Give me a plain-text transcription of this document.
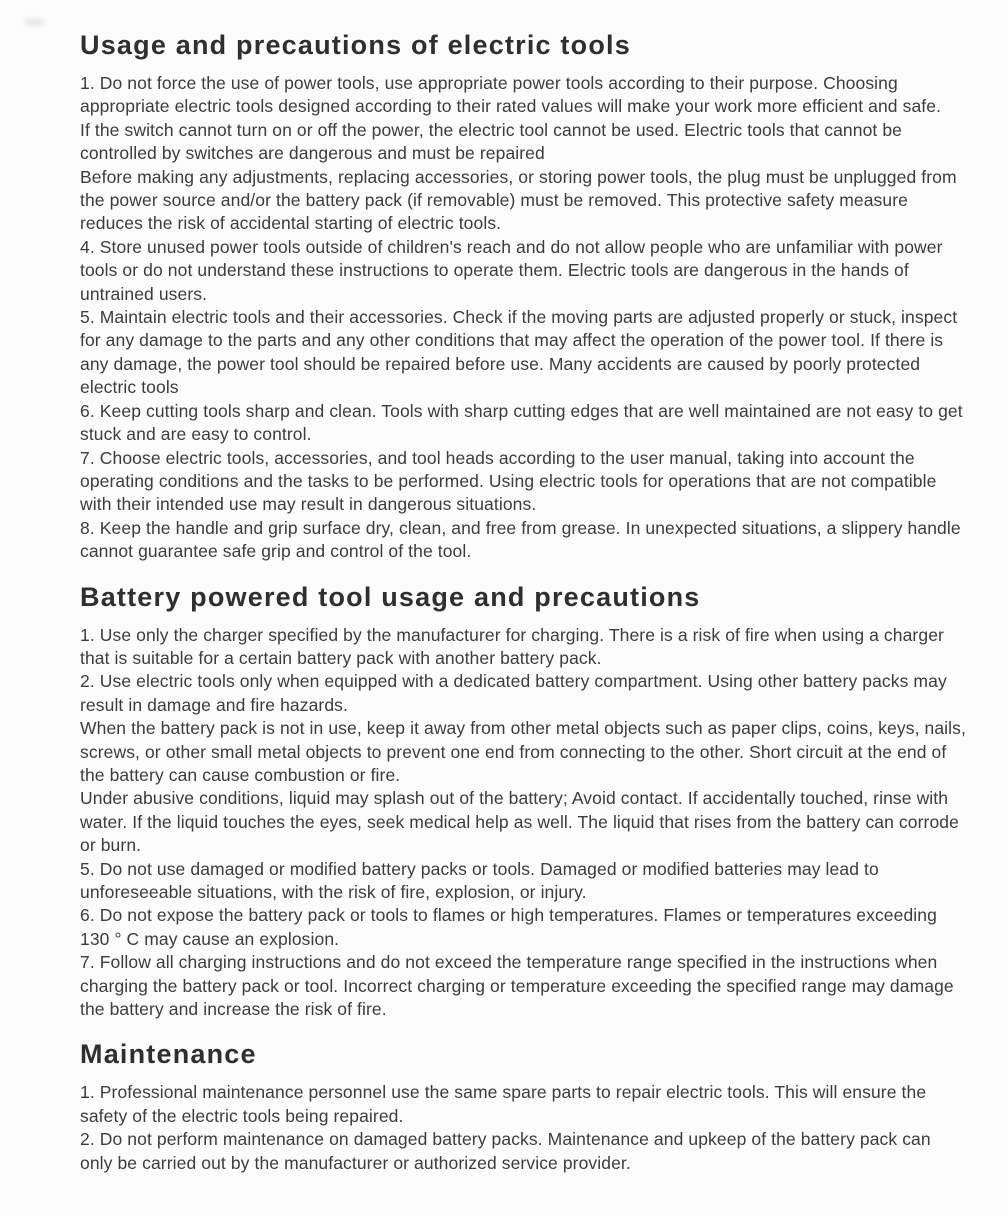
Usage and precautions of electric tools

1. Do not force the use of power tools, use appropriate power tools according to their purpose. Choosing appropriate electric tools designed according to their rated values will make your work more efficient and safe.

If the switch cannot turn on or off the power, the electric tool cannot be used. Electric tools that cannot be controlled by switches are dangerous and must be repaired

Before making any adjustments, replacing accessories, or storing power tools, the plug must be unplugged from the power source and/or the battery pack (if removable) must be removed. This protective safety measure reduces the risk of accidental starting of electric tools.

4. Store unused power tools outside of children's reach and do not allow people who are unfamiliar with power tools or do not understand these instructions to operate them. Electric tools are dangerous in the hands of untrained users.

5. Maintain electric tools and their accessories. Check if the moving parts are adjusted properly or stuck, inspect for any damage to the parts and any other conditions that may affect the operation of the power tool. If there is any damage, the power tool should be repaired before use. Many accidents are caused by poorly protected electric tools

6. Keep cutting tools sharp and clean. Tools with sharp cutting edges that are well maintained are not easy to get stuck and are easy to control.

7. Choose electric tools, accessories, and tool heads according to the user manual, taking into account the operating conditions and the tasks to be performed. Using electric tools for operations that are not compatible with their intended use may result in dangerous situations.

8. Keep the handle and grip surface dry, clean, and free from grease. In unexpected situations, a slippery handle cannot guarantee safe grip and control of the tool.

Battery powered tool usage and precautions

1. Use only the charger specified by the manufacturer for charging. There is a risk of fire when using a charger that is suitable for a certain battery pack with another battery pack.

2. Use electric tools only when equipped with a dedicated battery compartment. Using other battery packs may result in damage and fire hazards.

When the battery pack is not in use, keep it away from other metal objects such as paper clips, coins, keys, nails, screws, or other small metal objects to prevent one end from connecting to the other. Short circuit at the end of the battery can cause combustion or fire.

Under abusive conditions, liquid may splash out of the battery; Avoid contact. If accidentally touched, rinse with water. If the liquid touches the eyes, seek medical help as well. The liquid that rises from the battery can corrode or burn.

5. Do not use damaged or modified battery packs or tools. Damaged or modified batteries may lead to unforeseeable situations, with the risk of fire, explosion, or injury.

6. Do not expose the battery pack or tools to flames or high temperatures. Flames or temperatures exceeding 130 ° C may cause an explosion.

7. Follow all charging instructions and do not exceed the temperature range specified in the instructions when charging the battery pack or tool. Incorrect charging or temperature exceeding the specified range may damage the battery and increase the risk of fire.

Maintenance

1. Professional maintenance personnel use the same spare parts to repair electric tools. This will ensure the safety of the electric tools being repaired.

2. Do not perform maintenance on damaged battery packs. Maintenance and upkeep of the battery pack can only be carried out by the manufacturer or authorized service provider.
